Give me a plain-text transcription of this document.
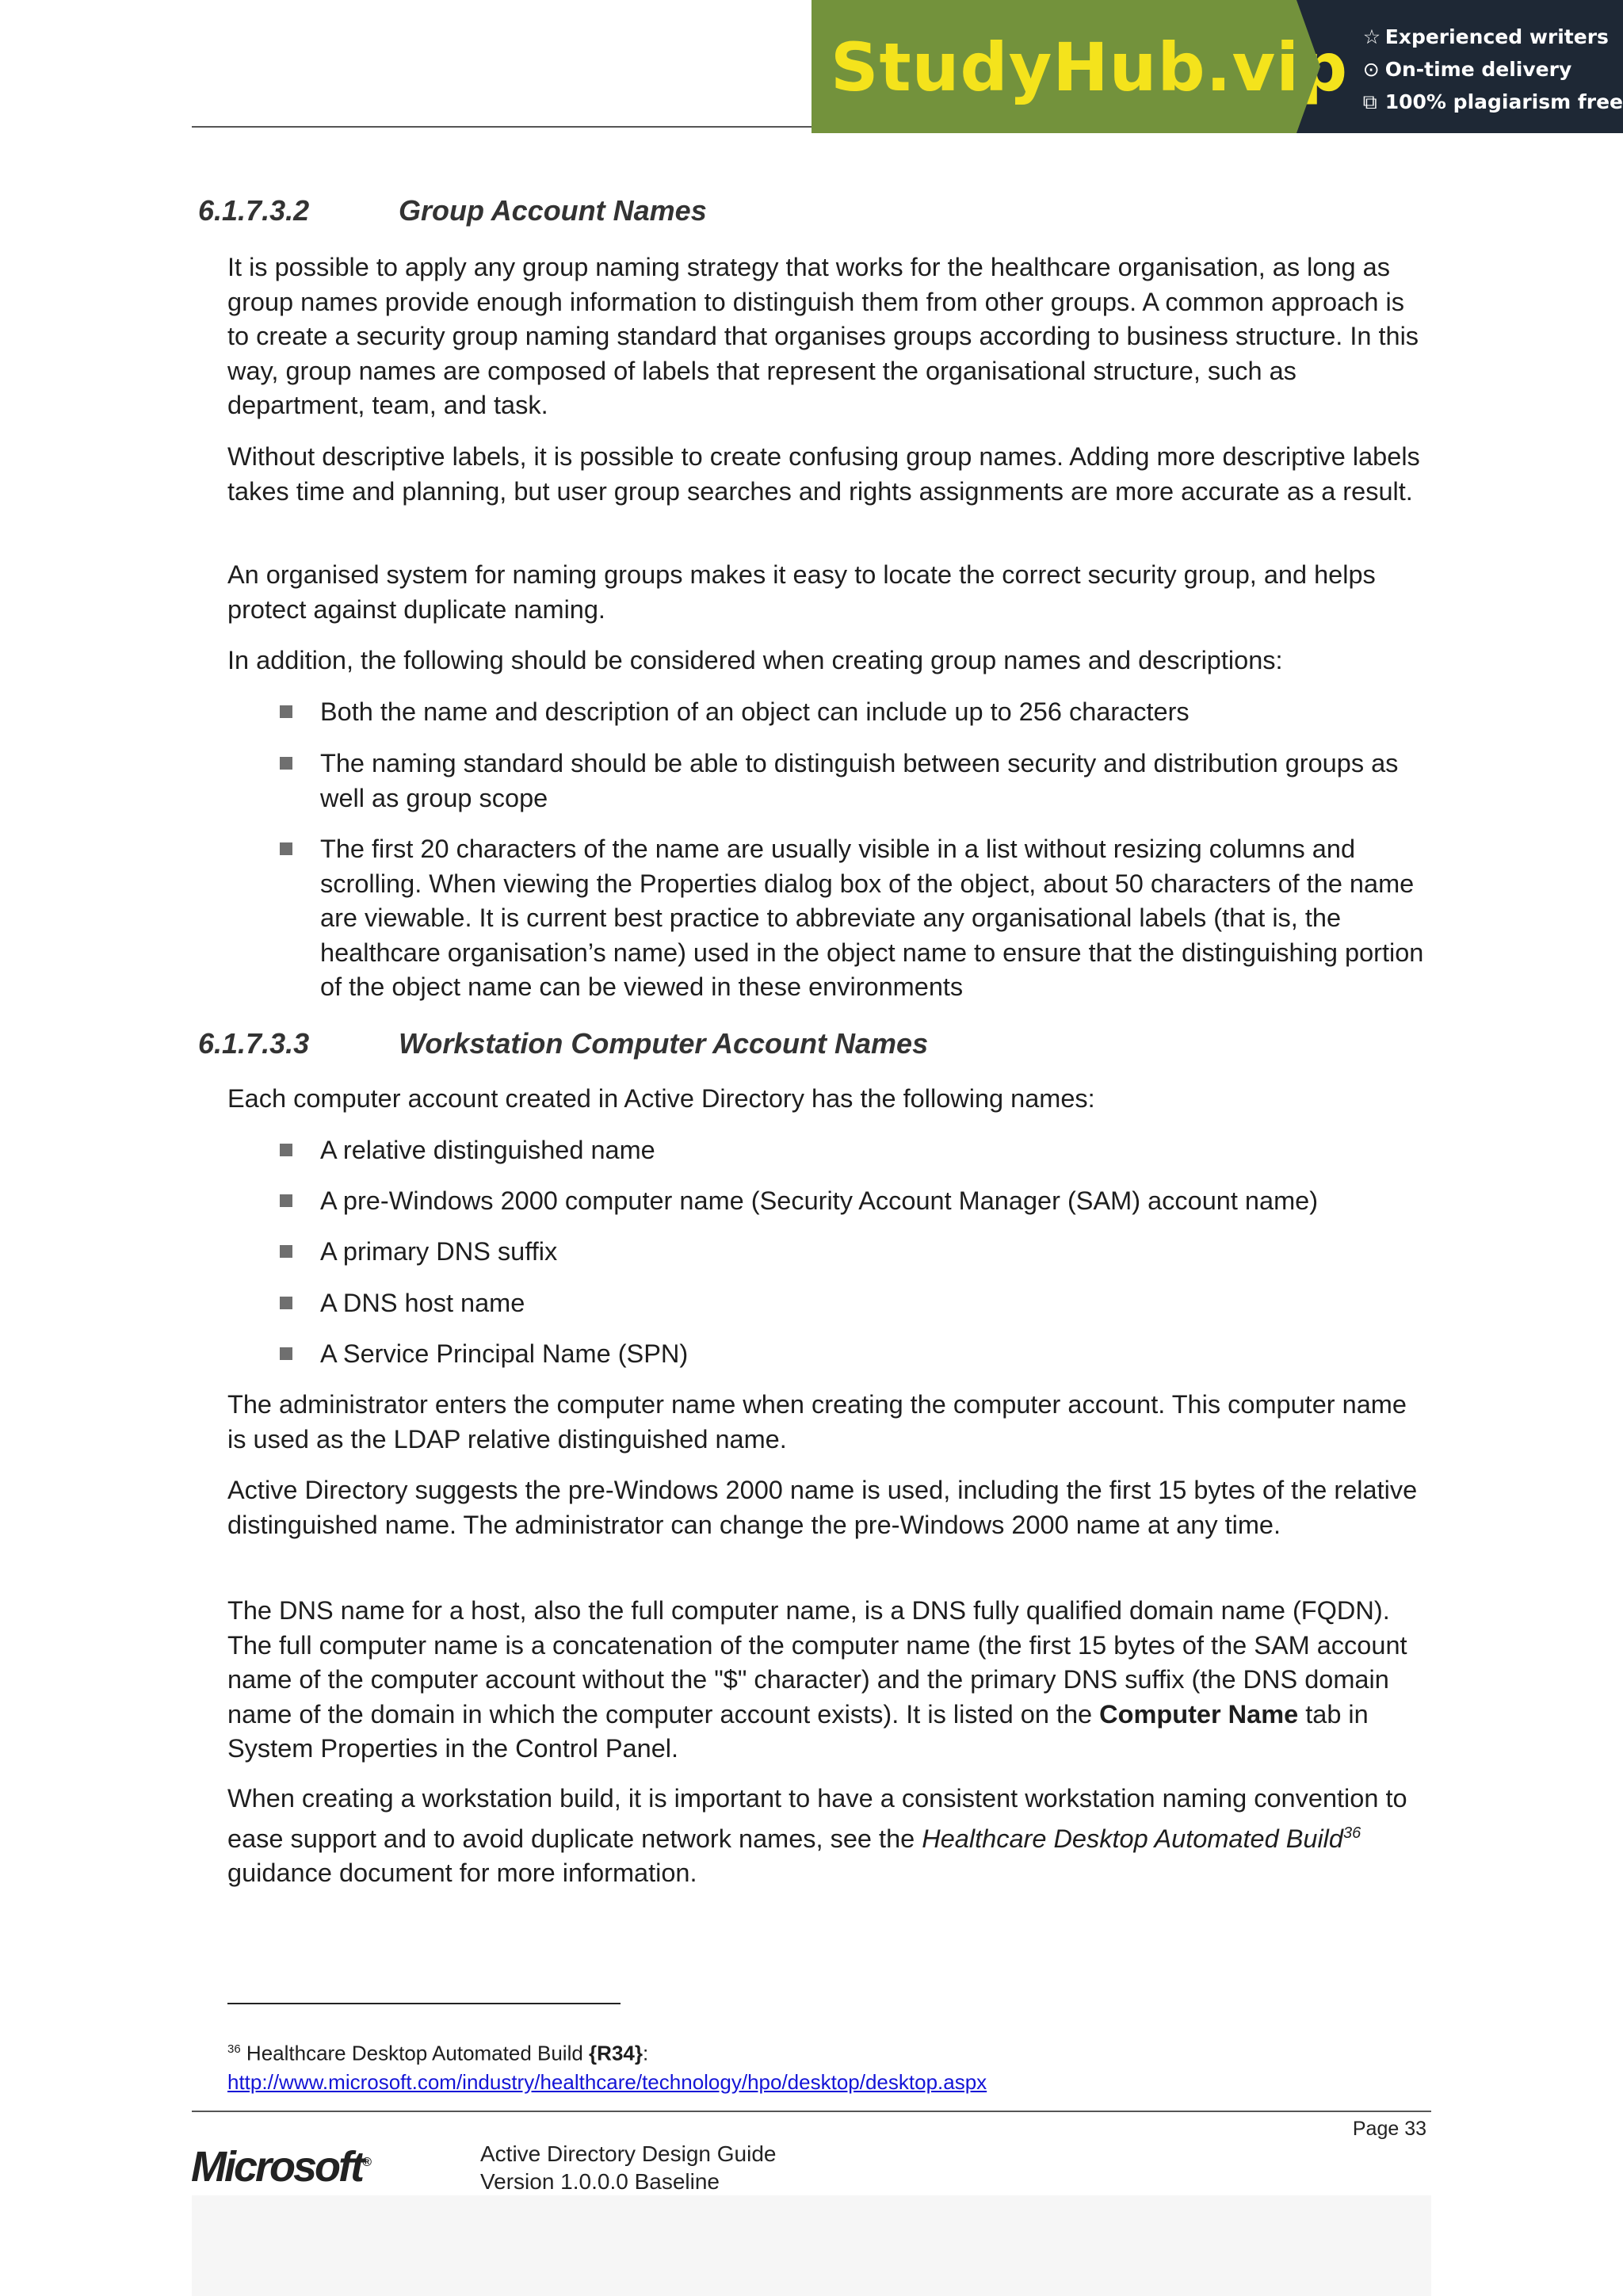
StudyHub.vip ☆ Experienced writers
⊙ On-time delivery
⧉ 100% plagiarism free
6.1.7.3.2	Group Account Names

It is possible to apply any group naming strategy that works for the healthcare organisation, as long as group names provide enough information to distinguish them from other groups. A common approach is to create a security group naming standard that organises groups according to business structure. In this way, group names are composed of labels that represent the organisational structure, such as department, team, and task.

Without descriptive labels, it is possible to create confusing group names. Adding more descriptive labels takes time and planning, but user group searches and rights assignments are more accurate as a result.

An organised system for naming groups makes it easy to locate the correct security group, and helps protect against duplicate naming.

In addition, the following should be considered when creating group names and descriptions:

Both the name and description of an object can include up to 256 characters
The naming standard should be able to distinguish between security and distribution groups as well as group scope
The first 20 characters of the name are usually visible in a list without resizing columns and scrolling. When viewing the Properties dialog box of the object, about 50 characters of the name are viewable. It is current best practice to abbreviate any organisational labels (that is, the healthcare organisation’s name) used in the object name to ensure that the distinguishing portion of the object name can be viewed in these environments
6.1.7.3.3	Workstation Computer Account Names

Each computer account created in Active Directory has the following names:

A relative distinguished name
A pre-Windows 2000 computer name (Security Account Manager (SAM) account name)
A primary DNS suffix
A DNS host name
A Service Principal Name (SPN)

The administrator enters the computer name when creating the computer account. This computer name is used as the LDAP relative distinguished name.

Active Directory suggests the pre-Windows 2000 name is used, including the first 15 bytes of the relative distinguished name. The administrator can change the pre-Windows 2000 name at any time.

The DNS name for a host, also the full computer name, is a DNS fully qualified domain name (FQDN). The full computer name is a concatenation of the computer name (the first 15 bytes of the SAM account name of the computer account without the "$" character) and the primary DNS suffix (the DNS domain name of the domain in which the computer account exists). It is listed on the Computer Name tab in System Properties in the Control Panel.

When creating a workstation build, it is important to have a consistent workstation naming convention to ease support and to avoid duplicate network names, see the Healthcare Desktop Automated Build$^{36}$ guidance document for more information.

$^{36}$ Healthcare Desktop Automated Build {R34}:
http://www.microsoft.com/industry/healthcare/technology/hpo/desktop/desktop.aspx
Page 33
Microsoft®	Active Directory Design Guide
Version 1.0.0.0 Baseline
